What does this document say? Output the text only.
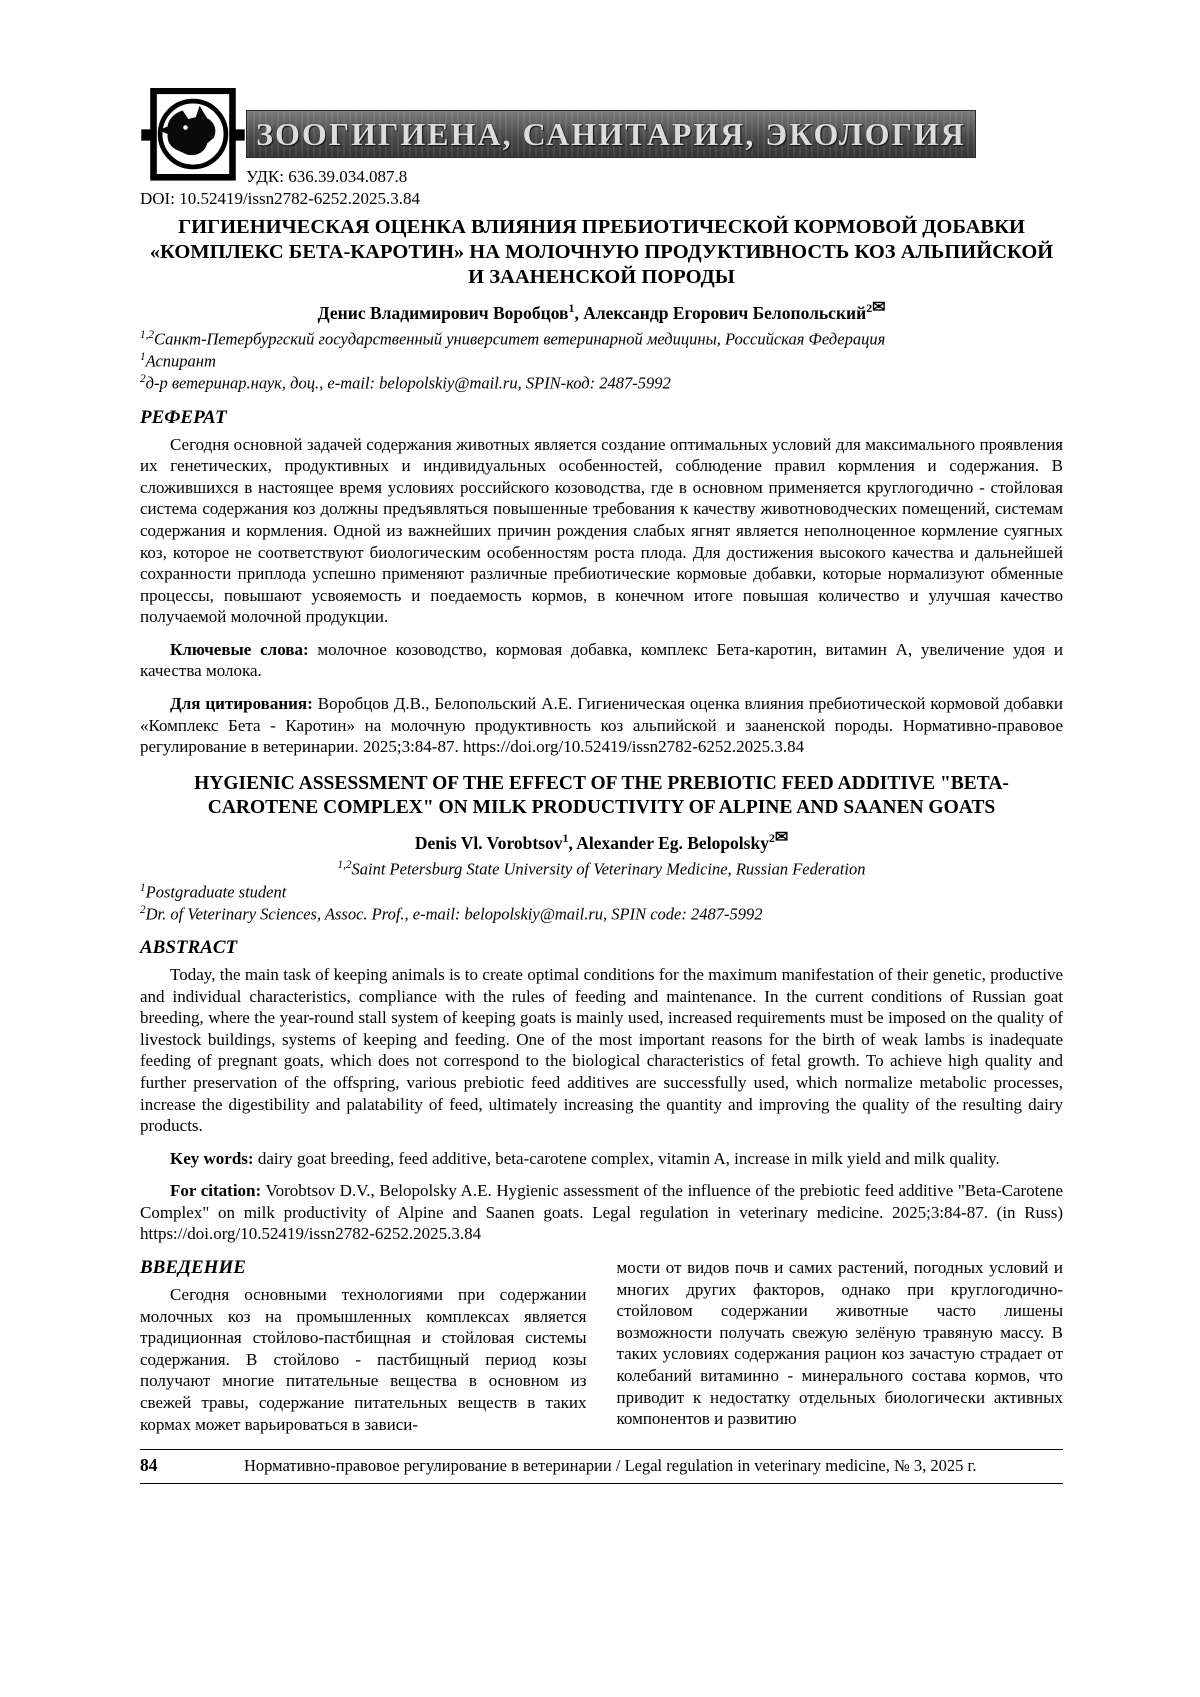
ЗООГИГИЕНА, САНИТАРИЯ, ЭКОЛОГИЯ
УДК: 636.39.034.087.8
DOI: 10.52419/issn2782-6252.2025.3.84
ГИГИЕНИЧЕСКАЯ ОЦЕНКА ВЛИЯНИЯ ПРЕБИОТИЧЕСКОЙ КОРМОВОЙ ДОБАВКИ «КОМПЛЕКС БЕТА-КАРОТИН» НА МОЛОЧНУЮ ПРОДУКТИВНОСТЬ КОЗ АЛЬПИЙСКОЙ И ЗААНЕНСКОЙ ПОРОДЫ
Денис Владимирович Воробцов$^1$, Александр Егорович Белопольский$^{2✉}$
$^{1,2}$Санкт-Петербургский государственный университет ветеринарной медицины, Российская Федерация
$^1$Аспирант
$^2$д-р ветеринар.наук, доц., e-mail: belopolskiy@mail.ru, SPIN-код: 2487-5992
РЕФЕРАТ

Сегодня основной задачей содержания животных является создание оптимальных условий для максимального проявления их генетических, продуктивных и индивидуальных особенностей, соблюдение правил кормления и содержания. В сложившихся в настоящее время условиях российского козоводства, где в основном применяется круглогодично - стойловая система содержания коз должны предъявляться повышенные требования к качеству животноводческих помещений, системам содержания и кормления. Одной из важнейших причин рождения слабых ягнят является неполноценное кормление суягных коз, которое не соответствуют биологическим особенностям роста плода. Для достижения высокого качества и дальнейшей сохранности приплода успешно применяют различные пребиотические кормовые добавки, которые нормализуют обменные процессы, повышают усвояемость и поедаемость кормов, в конечном итоге повышая количество и улучшая качество получаемой молочной продукции.

Ключевые слова: молочное козоводство, кормовая добавка, комплекс Бета-каротин, витамин А, увеличение удоя и качества молока.

Для цитирования: Воробцов Д.В., Белопольский А.Е. Гигиеническая оценка влияния пребиотической кормовой добавки «Комплекс Бета - Каротин» на молочную продуктивность коз альпийской и зааненской породы. Нормативно-правовое регулирование в ветеринарии. 2025;3:84-87. https://doi.org/10.52419/issn2782-6252.2025.3.84

HYGIENIC ASSESSMENT OF THE EFFECT OF THE PREBIOTIC FEED ADDITIVE "BETA-CAROTENE COMPLEX" ON MILK PRODUCTIVITY OF ALPINE AND SAANEN GOATS
Denis Vl. Vorobtsov$^1$, Alexander Eg. Belopolsky$^{2✉}$
$^{1,2}$Saint Petersburg State University of Veterinary Medicine, Russian Federation
$^1$Postgraduate student
$^2$Dr. of Veterinary Sciences, Assoc. Prof., e-mail: belopolskiy@mail.ru, SPIN code: 2487-5992
ABSTRACT

Today, the main task of keeping animals is to create optimal conditions for the maximum manifestation of their genetic, productive and individual characteristics, compliance with the rules of feeding and maintenance. In the current conditions of Russian goat breeding, where the year-round stall system of keeping goats is mainly used, increased requirements must be imposed on the quality of livestock buildings, systems of keeping and feeding. One of the most important reasons for the birth of weak lambs is inadequate feeding of pregnant goats, which does not correspond to the biological characteristics of fetal growth. To achieve high quality and further preservation of the offspring, various prebiotic feed additives are successfully used, which normalize metabolic processes, increase the digestibility and palatability of feed, ultimately increasing the quantity and improving the quality of the resulting dairy products.

Key words: dairy goat breeding, feed additive, beta-carotene complex, vitamin A, increase in milk yield and milk quality.

For citation: Vorobtsov D.V., Belopolsky A.E. Hygienic assessment of the influence of the prebiotic feed additive "Beta-Carotene Complex" on milk productivity of Alpine and Saanen goats. Legal regulation in veterinary medicine. 2025;3:84-87. (in Russ) https://doi.org/10.52419/issn2782-6252.2025.3.84

ВВЕДЕНИЕ

Сегодня основными технологиями при содержании молочных коз на промышленных комплексах является традиционная стойлово-пастбищная и стойловая системы содержания. В стойлово - пастбищный период козы получают многие питательные вещества в основном из свежей травы, содержание питательных веществ в таких кормах может варьироваться в зависи-

мости от видов почв и самих растений, погодных условий и многих других факторов, однако при круглогодично-стойловом содержании животные часто лишены возможности получать свежую зелёную травяную массу. В таких условиях содержания рацион коз зачастую страдает от колебаний витаминно - минерального состава кормов, что приводит к недостатку отдельных биологически активных компонентов и развитию

84	Нормативно-правовое регулирование в ветеринарии / Legal regulation in veterinary medicine, № 3, 2025 г.
